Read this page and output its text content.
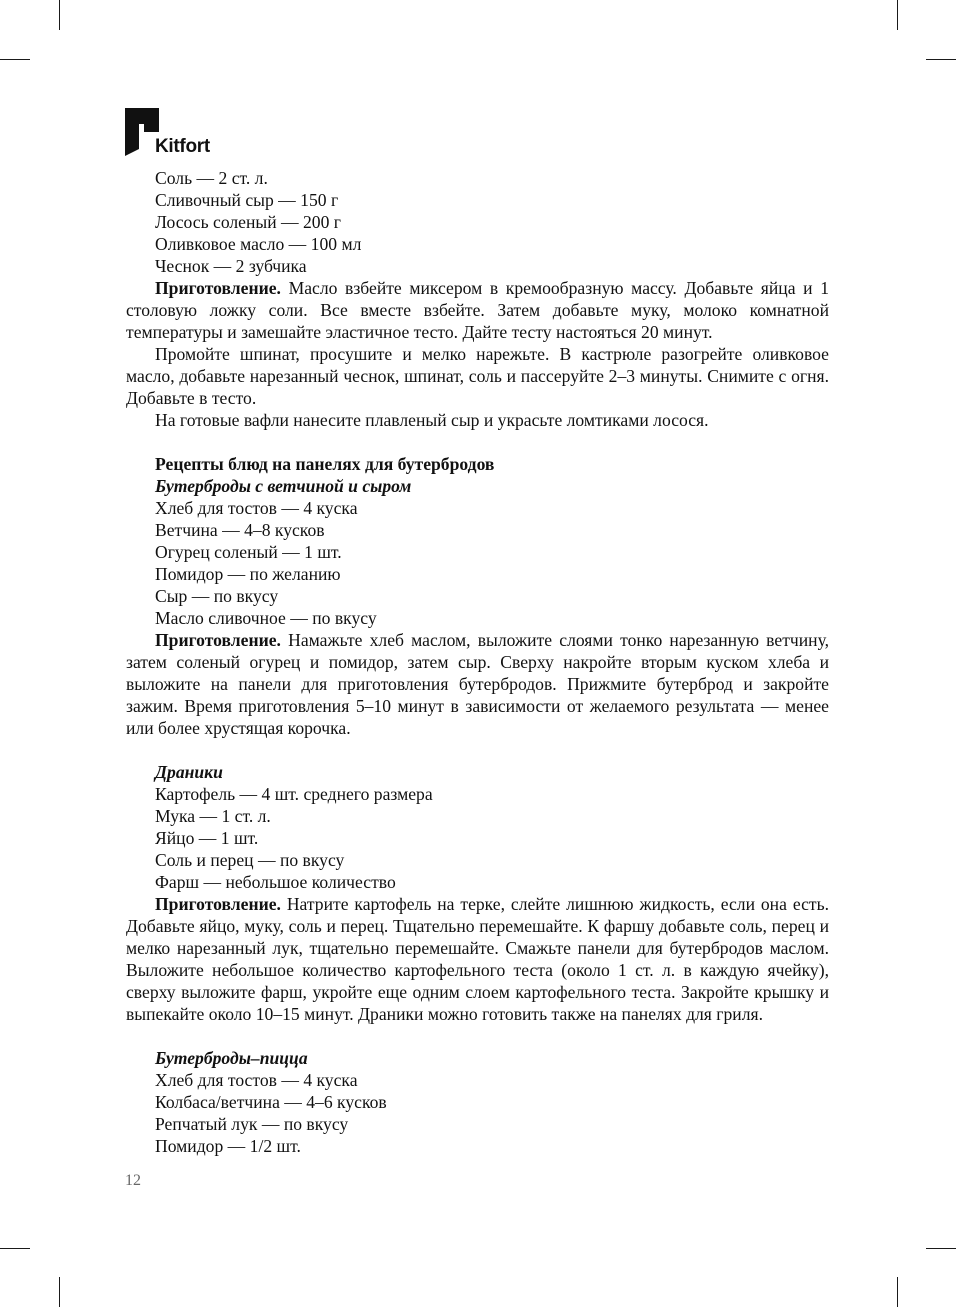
Kitfort
Соль — 2 ст. л.
Сливочный сыр — 150 г
Лосось соленый — 200 г
Оливковое масло — 100 мл
Чеснок — 2 зубчика
Приготовление. Масло взбейте миксером в кремообразную массу. Добавьте яйца и 1 столовую ложку соли. Все вместе взбейте. Затем добавьте муку, молоко комнатной температуры и замешайте эластичное тесто. Дайте тесту настояться 20 минут.
Промойте шпинат, просушите и мелко нарежьте. В кастрюле разогрейте оливковое масло, добавьте нарезанный чеснок, шпинат, соль и пассеруйте 2–3 минуты. Снимите с огня. Добавьте в тесто.
На готовые вафли нанесите плавленый сыр и украсьте ломтиками лосося.
Рецепты блюд на панелях для бутербродов
Бутерброды с ветчиной и сыром
Хлеб для тостов — 4 куска
Ветчина — 4–8 кусков
Огурец соленый — 1 шт.
Помидор — по желанию
Сыр — по вкусу
Масло сливочное — по вкусу
Приготовление. Намажьте хлеб маслом, выложите слоями тонко нарезанную ветчину, затем соленый огурец и помидор, затем сыр. Сверху накройте вторым куском хлеба и выложите на панели для приготовления бутербродов. Прижмите бутерброд и закройте зажим. Время приготовления 5–10 минут в зависимости от желаемого результата — менее или более хрустящая корочка.
Драники
Картофель — 4 шт. среднего размера
Мука — 1 ст. л.
Яйцо — 1 шт.
Соль и перец — по вкусу
Фарш — небольшое количество
Приготовление. Натрите картофель на терке, слейте лишнюю жидкость, если она есть. Добавьте яйцо, муку, соль и перец. Тщательно перемешайте. К фаршу добавьте соль, перец и мелко нарезанный лук, тщательно перемешайте. Смажьте панели для бутербродов маслом. Выложите небольшое количество картофельного теста (около 1 ст. л. в каждую ячейку), сверху выложите фарш, укройте еще одним слоем картофельного теста. Закройте крышку и выпекайте около 10–15 минут. Драники можно готовить также на панелях для гриля.
Бутерброды–пицца
Хлеб для тостов — 4 куска
Колбаса/ветчина — 4–6 кусков
Репчатый лук — по вкусу
Помидор — 1/2 шт.
12
